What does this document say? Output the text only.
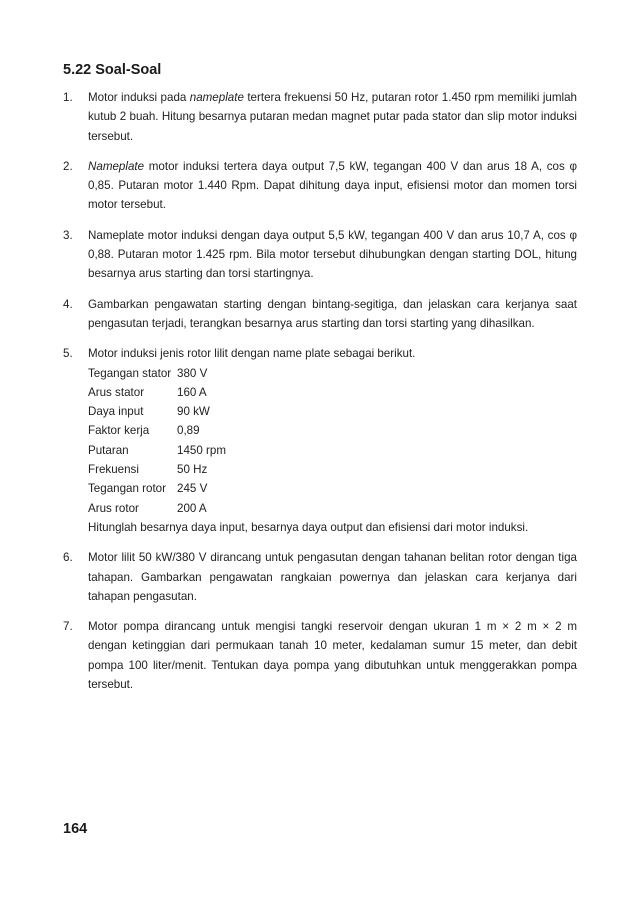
5.22 Soal-Soal
1. Motor induksi pada nameplate tertera frekuensi 50 Hz, putaran rotor 1.450 rpm memiliki jumlah kutub 2 buah. Hitung besarnya putaran medan magnet putar pada stator dan slip motor induksi tersebut.
2. Nameplate motor induksi tertera daya output 7,5 kW, tegangan 400 V dan arus 18 A, cos φ 0,85. Putaran motor 1.440 Rpm. Dapat dihitung daya input, efisiensi motor dan momen torsi motor tersebut.
3. Nameplate motor induksi dengan daya output 5,5 kW, tegangan 400 V dan arus 10,7 A, cos φ 0,88. Putaran motor 1.425 rpm. Bila motor tersebut dihubungkan dengan starting DOL, hitung besarnya arus starting dan torsi startingnya.
4. Gambarkan pengawatan starting dengan bintang-segitiga, dan jelaskan cara kerjanya saat pengasutan terjadi, terangkan besarnya arus starting dan torsi starting yang dihasilkan.
5. Motor induksi jenis rotor lilit dengan name plate sebagai berikut.
Tegangan stator 380 V
Arus stator	160 A
Daya input	90 kW
Faktor kerja	0,89
Putaran	1450 rpm
Frekuensi	50 Hz
Tegangan rotor 245 V
Arus rotor	200 A
Hitunglah besarnya daya input, besarnya daya output dan efisiensi dari motor induksi.
6. Motor lilit 50 kW/380 V dirancang untuk pengasutan dengan tahanan belitan rotor dengan tiga tahapan. Gambarkan pengawatan rangkaian powernya dan jelaskan cara kerjanya dari tahapan pengasutan.
7. Motor pompa dirancang untuk mengisi tangki reservoir dengan ukuran 1 m × 2 m × 2 m dengan ketinggian dari permukaan tanah 10 meter, kedalaman sumur 15 meter, dan debit pompa 100 liter/menit. Tentukan daya pompa yang dibutuhkan untuk menggerakkan pompa tersebut.
164
